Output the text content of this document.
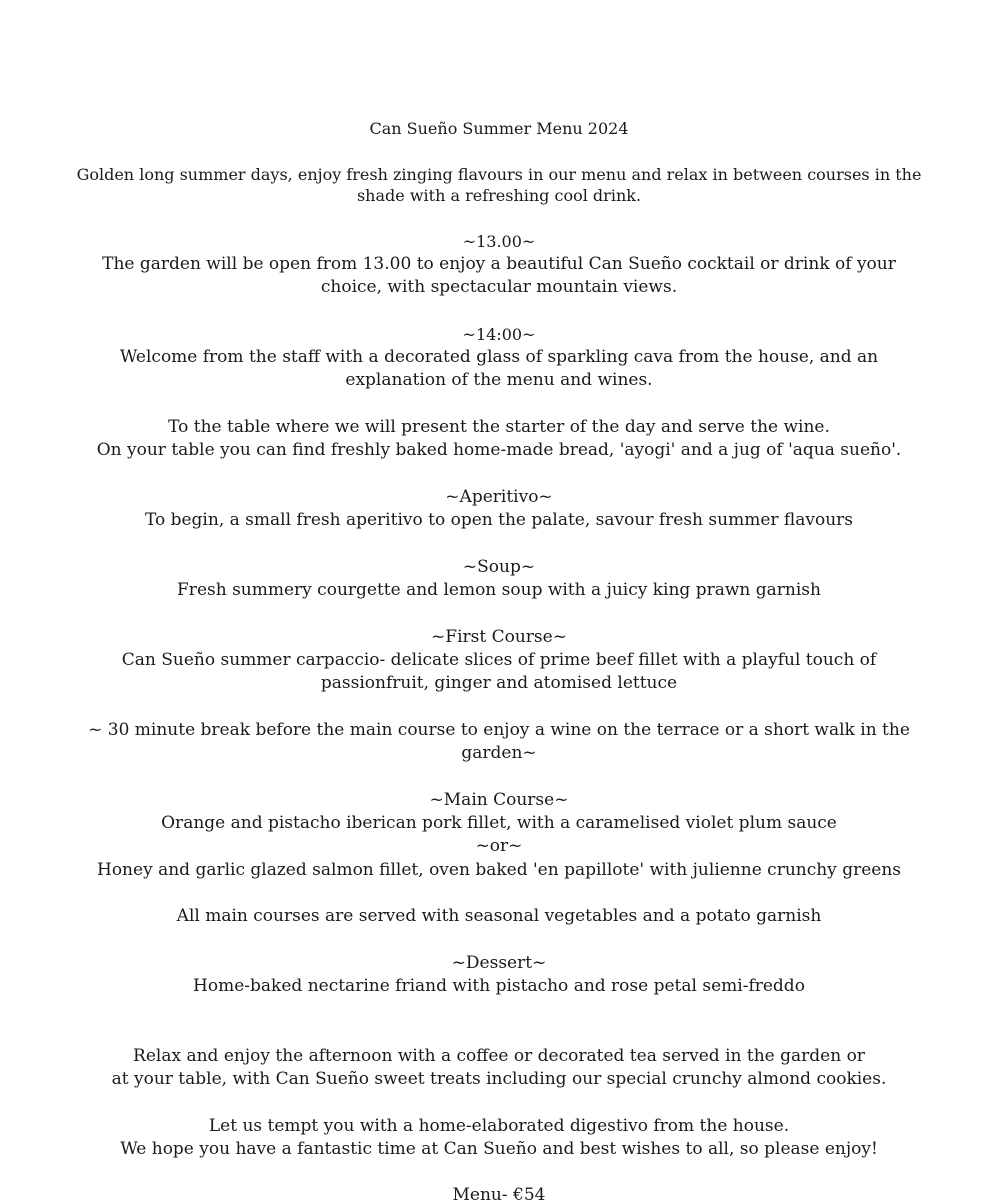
Can Sueño Summer Menu 2024
Golden long summer days, enjoy fresh zinging flavours in our menu and relax in between courses in the
shade with a refreshing cool drink.
~13.00~
The garden will be open from 13.00 to enjoy a beautiful Can Sueño cocktail or drink of your
choice, with spectacular mountain views.
~14:00~
Welcome from the staff with a decorated glass of sparkling cava from the house, and an
explanation of the menu and wines.
To the table where we will present the starter of the day and serve the wine.
On your table you can find freshly baked home-made bread, 'ayogi' and a jug of 'aqua sueño'.
~Aperitivo~
To begin, a small fresh aperitivo to open the palate, savour fresh summer flavours
~Soup~
Fresh summery courgette and lemon soup with a juicy king prawn garnish
~First Course~
Can Sueño summer carpaccio- delicate slices of prime beef fillet with a playful touch of
passionfruit, ginger and atomised lettuce
~ 30 minute break before the main course to enjoy a wine on the terrace or a short walk in the
garden~
~Main Course~
Orange and pistacho iberican pork fillet, with a caramelised violet plum sauce
~or~
Honey and garlic glazed salmon fillet, oven baked 'en papillote' with julienne crunchy greens
All main courses are served with seasonal vegetables and a potato garnish
~Dessert~
Home-baked nectarine friand with pistacho and rose petal semi-freddo
Relax and enjoy the afternoon with a coffee or decorated tea served in the garden or
at your table, with Can Sueño sweet treats including our special crunchy almond cookies.
Let us tempt you with a home-elaborated digestivo from the house.
We hope you have a fantastic time at Can Sueño and best wishes to all, so please enjoy!
Menu- €54
